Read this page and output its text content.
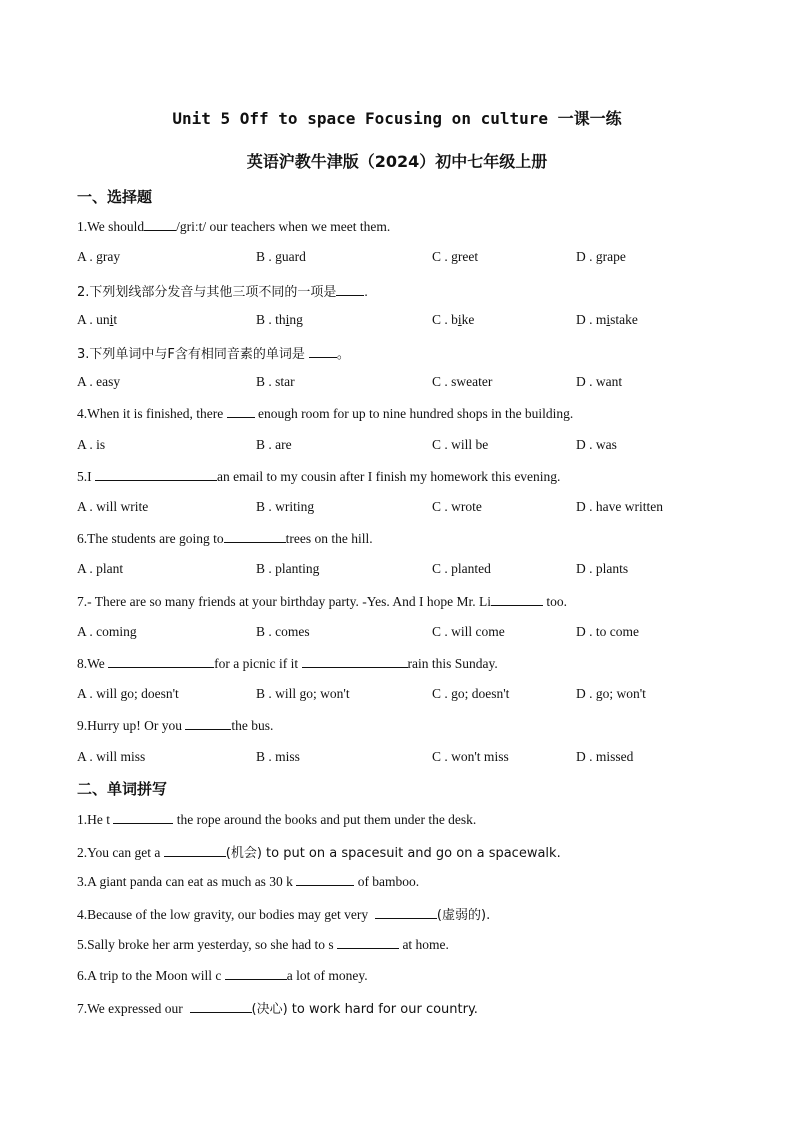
Unit 5 Off to space Focusing on culture 一课一练
英语沪教牛津版（2024）初中七年级上册
一、选择题
1.We should /griːt/ our teachers when we meet them.
A . gray	B . guard	C . greet	D . grape
2.下列划线部分发音与其他三项不同的一项是 .
A . unit	B . thing	C . bike	D . mistake
3.下列单词中与F含有相同音素的单词是 。
A . easy	B . star	C . sweater	D . want
4.When it is finished, there	enough room for up to nine hundred shops in the building.
A . is	B . are	C . will be	D . was
5.I	an email to my cousin after I finish my homework this evening.
A . will write	B . writing	C . wrote	D . have written
6.The students are going to	trees on the hill.
A . plant	B . planting	C . planted	D . plants
7.- There are so many friends at your birthday party. -Yes. And I hope Mr. Li	too.
A . coming	B . comes	C . will come	D . to come
8.We	for a picnic if it	rain this Sunday.
A . will go; doesn't	B . will go; won't	C . go; doesn't	D . go; won't
9.Hurry up! Or you	the bus.
A . will miss	B . miss	C . won't miss	D . missed
二、单词拼写
1.He t	the rope around the books and put them under the desk.
2.You can get a	(机会) to put on a spacesuit and go on a spacewalk.
3.A giant panda can eat as much as 30 k	of bamboo.
4.Because of the low gravity, our bodies may get very	(虚弱的).
5.Sally broke her arm yesterday, so she had to s	at home.
6.A trip to the Moon will c	a lot of money.
7.We expressed our	(决心) to work hard for our country.
